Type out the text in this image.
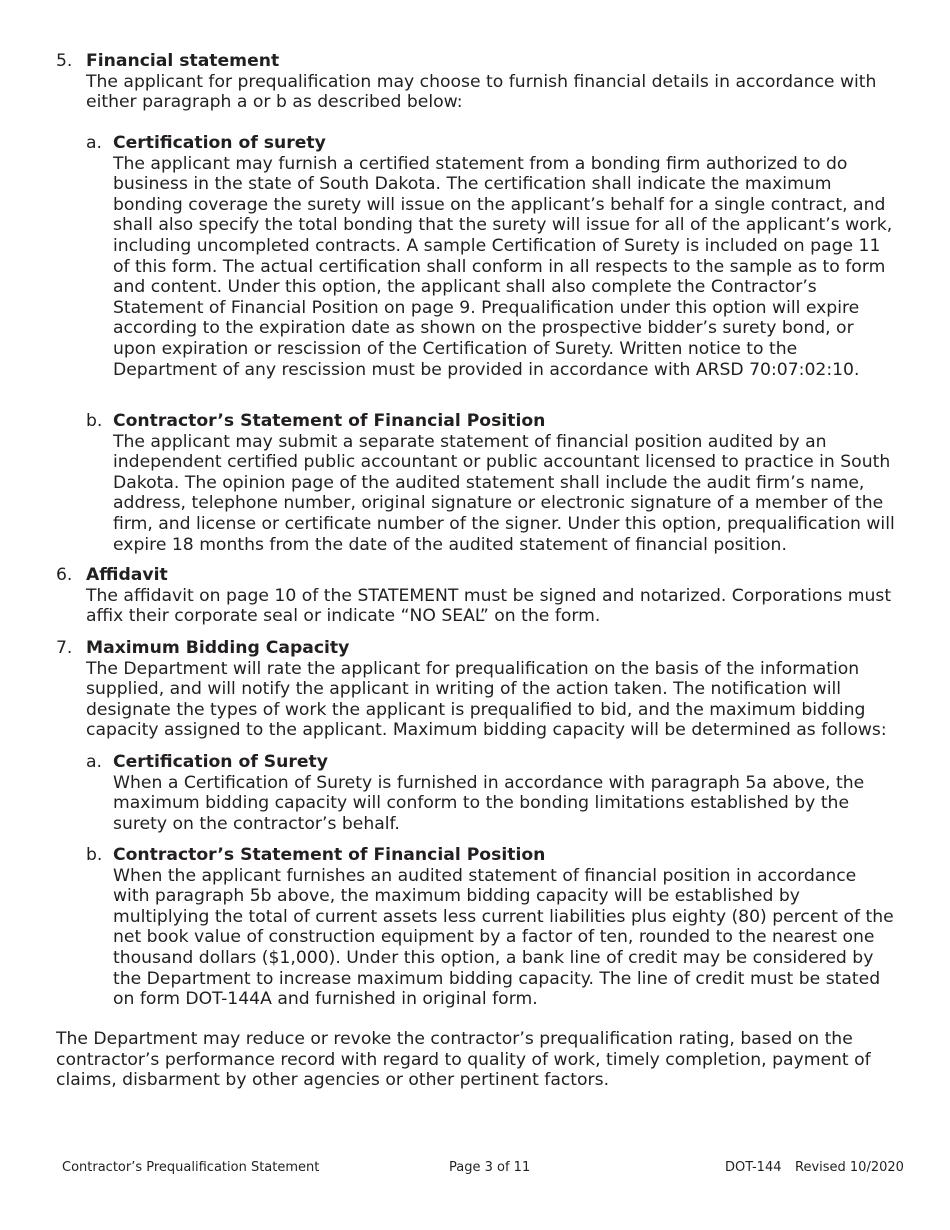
5. Financial statement
The applicant for prequalification may choose to furnish financial details in accordance with either paragraph a or b as described below:
a. Certification of surety
The applicant may furnish a certified statement from a bonding firm authorized to do business in the state of South Dakota. The certification shall indicate the maximum bonding coverage the surety will issue on the applicant’s behalf for a single contract, and shall also specify the total bonding that the surety will issue for all of the applicant’s work, including uncompleted contracts. A sample Certification of Surety is included on page 11 of this form. The actual certification shall conform in all respects to the sample as to form and content. Under this option, the applicant shall also complete the Contractor’s Statement of Financial Position on page 9. Prequalification under this option will expire according to the expiration date as shown on the prospective bidder’s surety bond, or upon expiration or rescission of the Certification of Surety. Written notice to the Department of any rescission must be provided in accordance with ARSD 70:07:02:10.
b. Contractor’s Statement of Financial Position
The applicant may submit a separate statement of financial position audited by an independent certified public accountant or public accountant licensed to practice in South Dakota. The opinion page of the audited statement shall include the audit firm’s name, address, telephone number, original signature or electronic signature of a member of the firm, and license or certificate number of the signer. Under this option, prequalification will expire 18 months from the date of the audited statement of financial position.
6. Affidavit
The affidavit on page 10 of the STATEMENT must be signed and notarized. Corporations must affix their corporate seal or indicate “NO SEAL” on the form.
7. Maximum Bidding Capacity
The Department will rate the applicant for prequalification on the basis of the information supplied, and will notify the applicant in writing of the action taken. The notification will designate the types of work the applicant is prequalified to bid, and the maximum bidding capacity assigned to the applicant. Maximum bidding capacity will be determined as follows:
a. Certification of Surety
When a Certification of Surety is furnished in accordance with paragraph 5a above, the maximum bidding capacity will conform to the bonding limitations established by the surety on the contractor’s behalf.
b. Contractor’s Statement of Financial Position
When the applicant furnishes an audited statement of financial position in accordance with paragraph 5b above, the maximum bidding capacity will be established by multiplying the total of current assets less current liabilities plus eighty (80) percent of the net book value of construction equipment by a factor of ten, rounded to the nearest one thousand dollars ($1,000). Under this option, a bank line of credit may be considered by the Department to increase maximum bidding capacity. The line of credit must be stated on form DOT-144A and furnished in original form.
The Department may reduce or revoke the contractor’s prequalification rating, based on the contractor’s performance record with regard to quality of work, timely completion, payment of claims, disbarment by other agencies or other pertinent factors.
Contractor’s Prequalification Statement	Page 3 of 11	DOT-144 Revised 10/2020
